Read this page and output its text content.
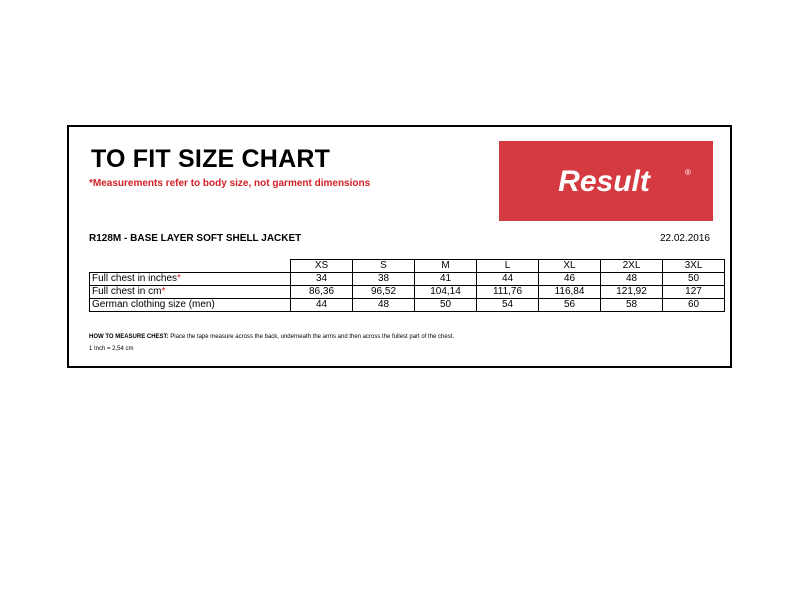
TO FIT SIZE CHART
*Measurements refer to body size, not garment dimensions	Result	®
R128M - BASE LAYER SOFT SHELL JACKET	22.02.2016
	XS	S	M	L	XL	2XL	3XL
Full chest in inches*	34	38	41	44	46	48	50
Full chest in cm*	86,36	96,52	104,14	111,76	116,84	121,92	127
German clothing size (men)	44	48	50	54	56	58	60
HOW TO MEASURE CHEST: Place the tape measure across the back, underneath the arms and then across the fullest part of the chest.
1 Inch = 2,54 cm
